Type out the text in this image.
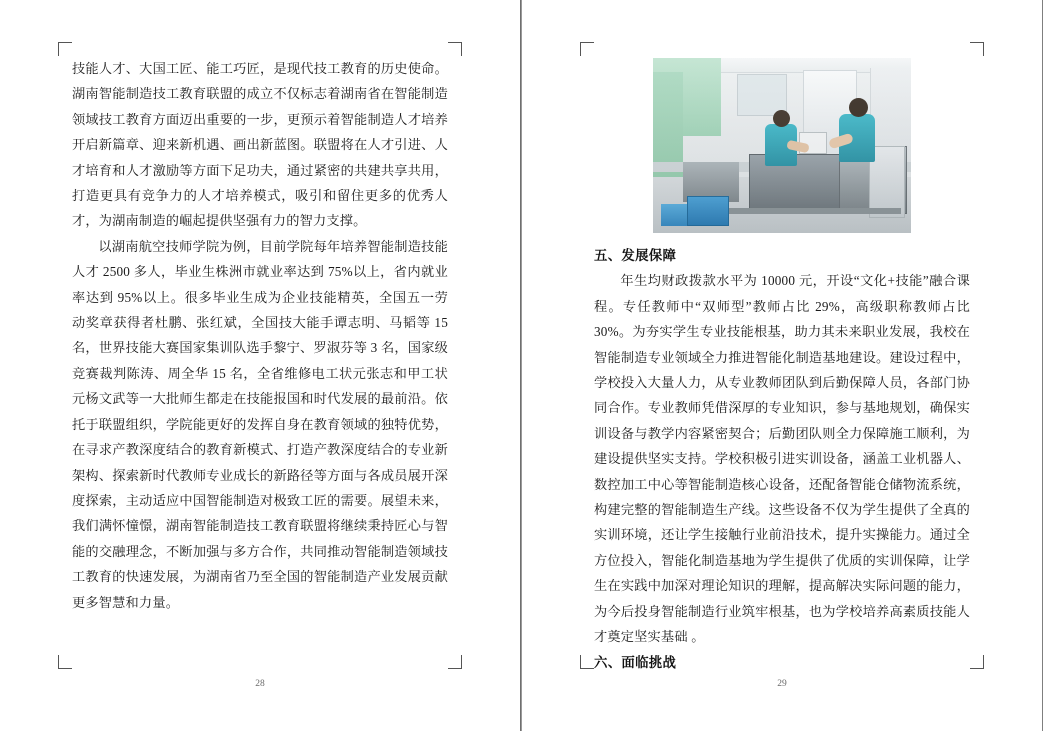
技能人才、大国工匠、能工巧匠，是现代技工教育的历史使命。湖南智能制造技工教育联盟的成立不仅标志着湖南省在智能制造领域技工教育方面迈出重要的一步，更预示着智能制造人才培养开启新篇章、迎来新机遇、画出新蓝图。联盟将在人才引进、人才培育和人才激励等方面下足功夫，通过紧密的共建共享共用，打造更具有竞争力的人才培养模式，吸引和留住更多的优秀人才，为湖南制造的崛起提供坚强有力的智力支撑。

以湖南航空技师学院为例，目前学院每年培养智能制造技能人才 2500 多人，毕业生株洲市就业率达到 75%以上，省内就业率达到 95%以上。很多毕业生成为企业技能精英，全国五一劳动奖章获得者杜鹏、张红斌，全国技大能手谭志明、马韬等 15 名，世界技能大赛国家集训队选手黎宁、罗淑芬等 3 名，国家级竞赛裁判陈涛、周全华 15 名，全省维修电工状元张志和甲工状元杨文武等一大批师生都走在技能报国和时代发展的最前沿。依托于联盟组织，学院能更好的发挥自身在教育领域的独特优势，在寻求产教深度结合的教育新模式、打造产教深度结合的专业新架构、探索新时代教师专业成长的新路径等方面与各成员展开深度探索，主动适应中国智能制造对极致工匠的需要。展望未来，我们满怀憧憬，湖南智能制造技工教育联盟将继续秉持匠心与智能的交融理念，不断加强与多方合作，共同推动智能制造领域技工教育的快速发展，为湖南省乃至全国的智能制造产业发展贡献更多智慧和力量。

28

五、发展保障

年生均财政拨款水平为 10000 元，开设“文化+技能”融合课程。专任教师中“双师型”教师占比 29%，高级职称教师占比 30%。为夯实学生专业技能根基，助力其未来职业发展，我校在智能制造专业领域全力推进智能化制造基地建设。建设过程中，学校投入大量人力，从专业教师团队到后勤保障人员，各部门协同合作。专业教师凭借深厚的专业知识，参与基地规划，确保实训设备与教学内容紧密契合；后勤团队则全力保障施工顺利，为建设提供坚实支持。学校积极引进实训设备，涵盖工业机器人、数控加工中心等智能制造核心设备，还配备智能仓储物流系统，构建完整的智能制造生产线。这些设备不仅为学生提供了全真的实训环境，还让学生接触行业前沿技术，提升实操能力。通过全方位投入，智能化制造基地为学生提供了优质的实训保障，让学生在实践中加深对理论知识的理解，提高解决实际问题的能力，为今后投身智能制造行业筑牢根基，也为学校培养高素质技能人才奠定坚实基础 。

六、面临挑战

29
